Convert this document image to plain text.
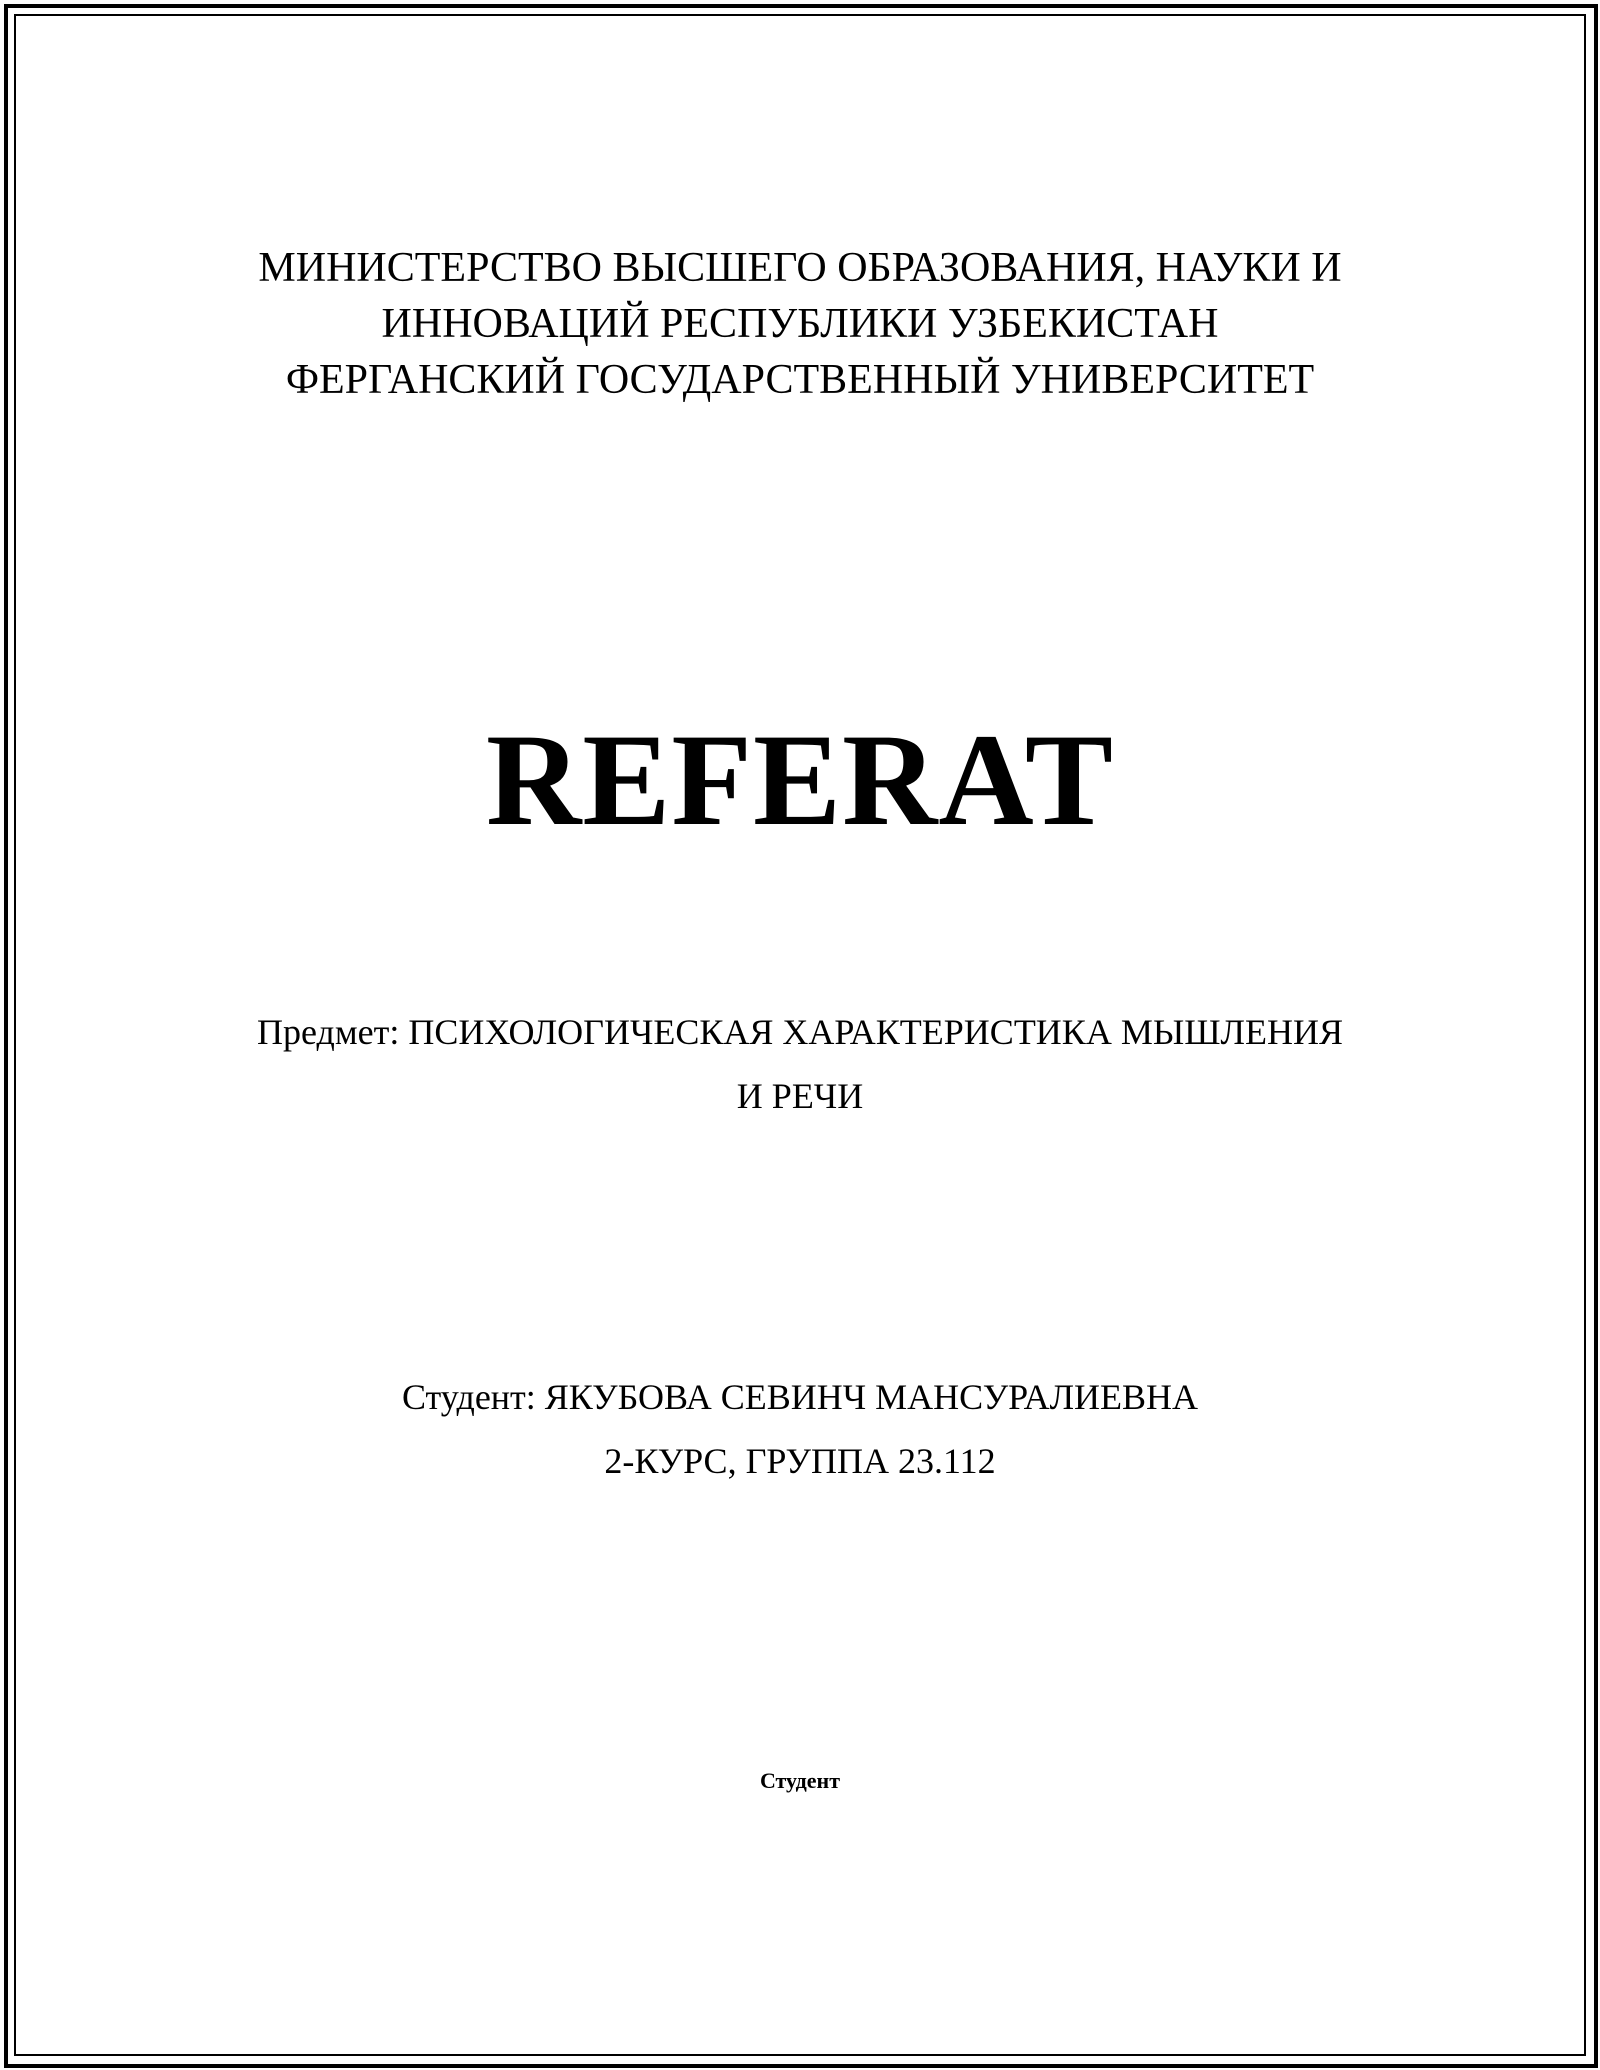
МИНИСТЕРСТВО ВЫСШЕГО ОБРАЗОВАНИЯ, НАУКИ И
ИННОВАЦИЙ РЕСПУБЛИКИ УЗБЕКИСТАН
ФЕРГАНСКИЙ ГОСУДАРСТВЕННЫЙ УНИВЕРСИТЕТ
REFERAT
Предмет: ПСИХОЛОГИЧЕСКАЯ ХАРАКТЕРИСТИКА МЫШЛЕНИЯ
И РЕЧИ
Студент: ЯКУБОВА СЕВИНЧ МАНСУРАЛИЕВНА
2-КУРС, ГРУППА 23.112
Студент
